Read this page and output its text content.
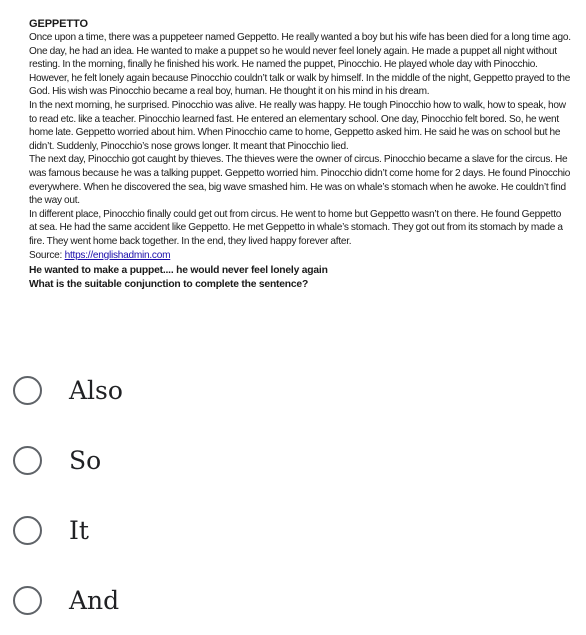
GEPPETTO

Once upon a time, there was a puppeteer named Geppetto. He really wanted a boy but his wife has been died for a long time ago. One day, he had an idea. He wanted to make a puppet so he would never feel lonely again. He made a puppet all night without resting. In the morning, finally he finished his work. He named the puppet, Pinocchio. He played whole day with Pinocchio. However, he felt lonely again because Pinocchio couldn’t talk or walk by himself. In the middle of the night, Geppetto prayed to the God. His wish was Pinocchio became a real boy, human. He thought it on his mind in his dream.

In the next morning, he surprised. Pinocchio was alive. He really was happy. He tough Pinocchio how to walk, how to speak, how to read etc. like a teacher. Pinocchio learned fast. He entered an elementary school. One day, Pinocchio felt bored. So, he went home late. Geppetto worried about him. When Pinocchio came to home, Geppetto asked him. He said he was on school but he didn’t. Suddenly, Pinocchio’s nose grows longer. It meant that Pinocchio lied.

The next day, Pinocchio got caught by thieves. The thieves were the owner of circus. Pinocchio became a slave for the circus. He was famous because he was a talking puppet. Geppetto worried him. Pinocchio didn’t come home for 2 days. He found Pinocchio everywhere. When he discovered the sea, big wave smashed him. He was on whale’s stomach when he awoke. He couldn’t find the way out.

In different place, Pinocchio finally could get out from circus. He went to home but Geppetto wasn’t on there. He found Geppetto at sea. He had the same accident like Geppetto. He met Geppetto in whale’s stomach. They got out from its stomach by made a fire. They went home back together. In the end, they lived happy forever after.

Source: https://englishadmin.com

He wanted to make a puppet.... he would never feel lonely again

What is the suitable conjunction to complete the sentence?

Also
So
It
And
